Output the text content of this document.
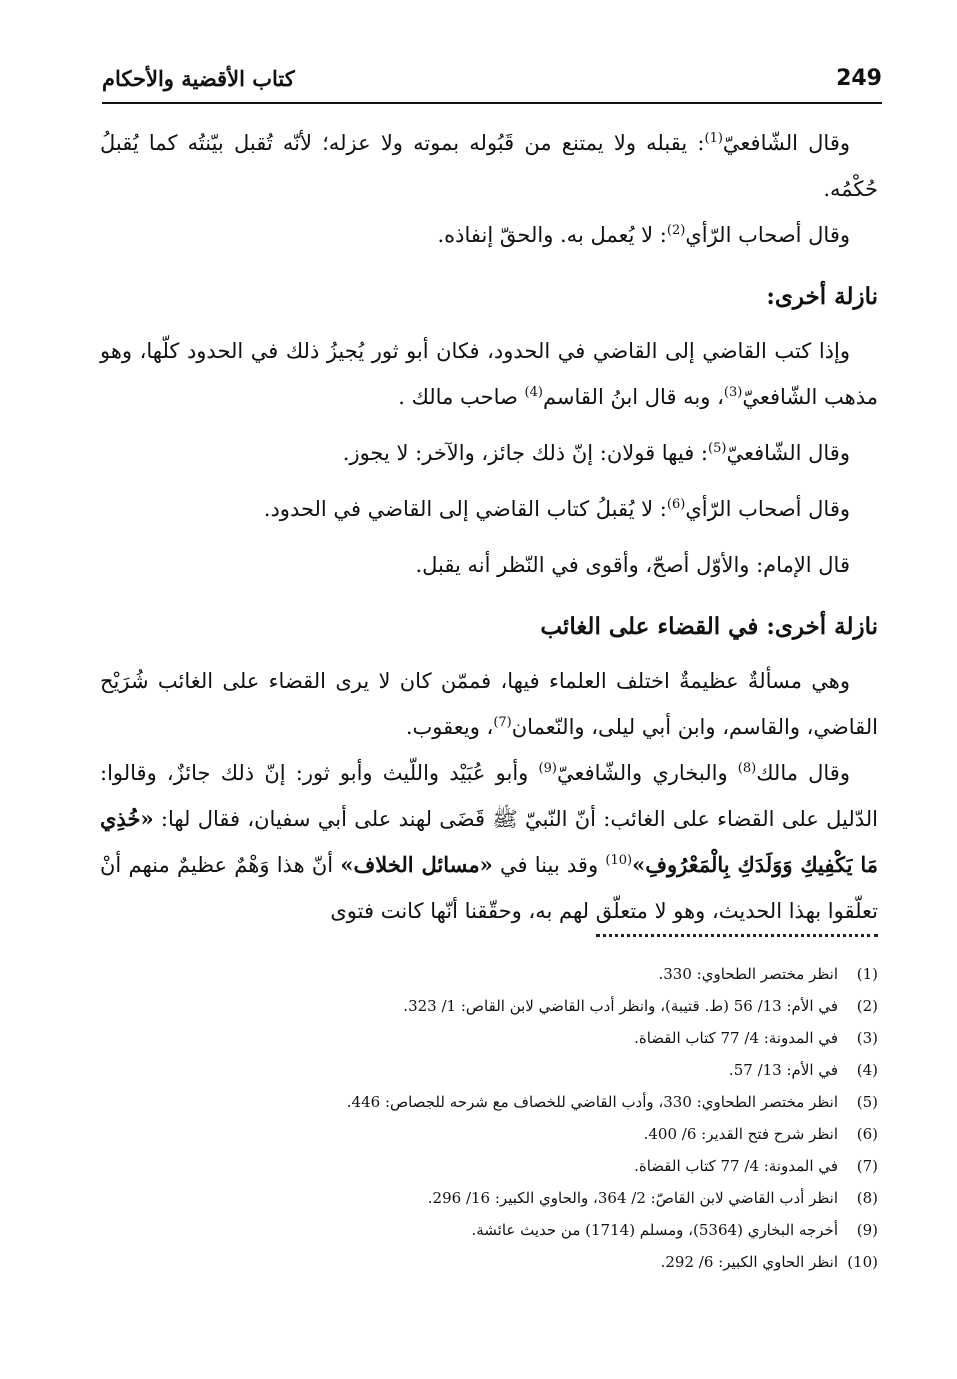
249
كتاب الأقضية والأحكام

وقال الشّافعيّ$^{(1)}$: يقبله ولا يمتنع من قَبُوله بموته ولا عزله؛ لأنّه تُقبل بيّنتُه كما يُقبلُ حُكْمُه.

وقال أصحاب الرّأي$^{(2)}$: لا يُعمل به. والحقّ إنفاذه.

نازلة أخرى:

وإذا كتب القاضي إلى القاضي في الحدود، فكان أبو ثور يُجيزُ ذلك في الحدود كلّها، وهو مذهب الشّافعيّ$^{(3)}$، وبه قال ابنُ القاسم$^{(4)}$ صاحب مالك .

وقال الشّافعيّ$^{(5)}$: فيها قولان: إنّ ذلك جائز، والآخر: لا يجوز.

وقال أصحاب الرّأي$^{(6)}$: لا يُقبلُ كتاب القاضي إلى القاضي في الحدود.

قال الإمام: والأوّل أصحّ، وأقوى في النّظر أنه يقبل.

نازلة أخرى: في القضاء على الغائب

وهي مسألةٌ عظيمةٌ اختلف العلماء فيها، فممّن كان لا يرى القضاء على الغائب شُرَيْح القاضي، والقاسم، وابن أبي ليلى، والنّعمان$^{(7)}$، ويعقوب.

وقال مالك$^{(8)}$ والبخاري والشّافعيّ$^{(9)}$ وأبو عُبَيْد واللّيث وأبو ثور: إنّ ذلك جائزٌ، وقالوا: الدّليل على القضاء على الغائب: أنّ النّبيّ ﷺ قَضَى لهند على أبي سفيان، فقال لها: «خُذِي مَا يَكْفِيكِ وَوَلَدَكِ بِالْمَعْرُوفِ»$^{(10)}$ وقد بينا في «مسائل الخلاف» أنّ هذا وَهْمٌ عظيمٌ منهم أنْ تعلّقوا بهذا الحديث، وهو لا متعلّق لهم به، وحقّقنا أنّها كانت فتوى

(1)انظر مختصر الطحاوي: 330.
(2)في الأم: 13/ 56 (ط. قتيبة)، وانظر أدب القاضي لابن القاص: 1/ 323.
(3)في المدونة: 4/ 77 كتاب القضاة.
(4)في الأم: 13/ 57.
(5)انظر مختصر الطحاوي: 330، وأدب القاضي للخصاف مع شرحه للجصاص: 446.
(6)انظر شرح فتح القدير: 6/ 400.
(7)في المدونة: 4/ 77 كتاب القضاة.
(8)انظر أدب القاضي لابن القاصّ: 2/ 364، والحاوي الكبير: 16/ 296.
(9)أخرجه البخاري (5364)، ومسلم (1714) من حديث عائشة.
(10)انظر الحاوي الكبير: 6/ 292.
